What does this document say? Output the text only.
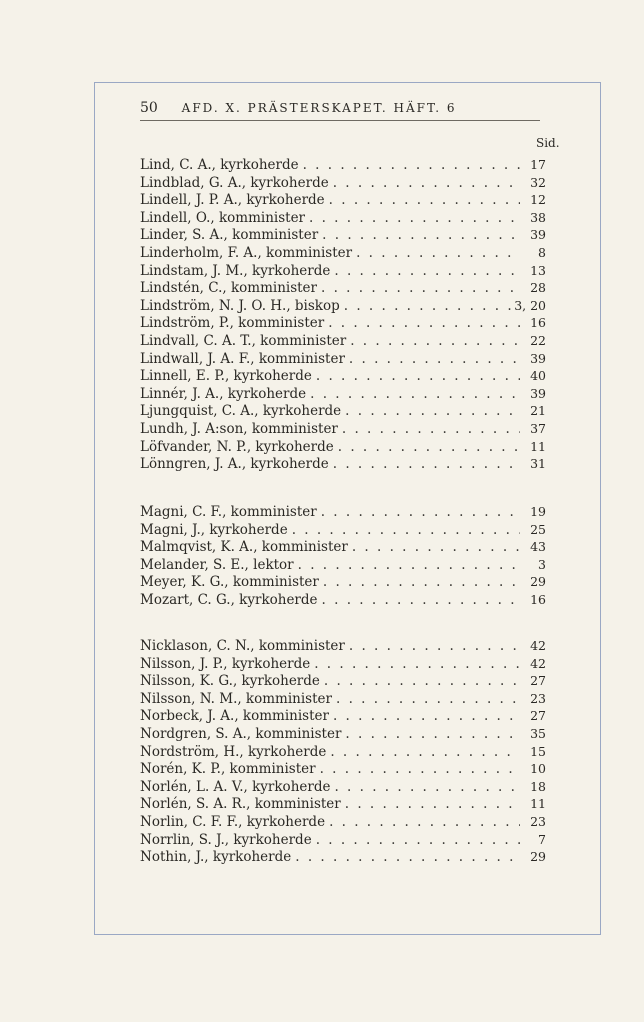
50 AFD. X. PRÄSTERSKAPET. HÄFT. 6
Sid.
Lind, C. A., kyrkoherde . . .	17
Lindblad, G. A., kyrkoherde . . .	32
Lindell, J. P. A., kyrkoherde . . .	12
Lindell, O., komminister . . .	38
Linder, S. A., komminister . . .	39
Linderholm, F. A., komminister . . .	8
Lindstam, J. M., kyrkoherde . . .	13
Lindstén, C., komminister . . .	28
Lindström, N. J. O. H., biskop . . .	3, 20
Lindström, P., komminister . . .	16
Lindvall, C. A. T., komminister . . .	22
Lindwall, J. A. F., komminister . . .	39
Linnell, E. P., kyrkoherde . . .	40
Linnér, J. A., kyrkoherde . . .	39
Ljungquist, C. A., kyrkoherde . . .	21
Lundh, J. A:son, komminister . . .	37
Löfvander, N. P., kyrkoherde . . .	11
Lönngren, J. A., kyrkoherde . . .	31
Magni, C. F., komminister . . .	19
Magni, J., kyrkoherde . . .	25
Malmqvist, K. A., komminister . . .	43
Melander, S. E., lektor . . .	3
Meyer, K. G., komminister . . .	29
Mozart, C. G., kyrkoherde . . .	16
Nicklason, C. N., komminister . . .	42
Nilsson, J. P., kyrkoherde . . .	42
Nilsson, K. G., kyrkoherde . . .	27
Nilsson, N. M., komminister . . .	23
Norbeck, J. A., komminister . . .	27
Nordgren, S. A., komminister . . .	35
Nordström, H., kyrkoherde . . .	15
Norén, K. P., komminister . . .	10
Norlén, L. A. V., kyrkoherde . . .	18
Norlén, S. A. R., komminister . . .	11
Norlin, C. F. F., kyrkoherde . . .	23
Norrlin, S. J., kyrkoherde . . .	7
Nothin, J., kyrkoherde . . .	29
